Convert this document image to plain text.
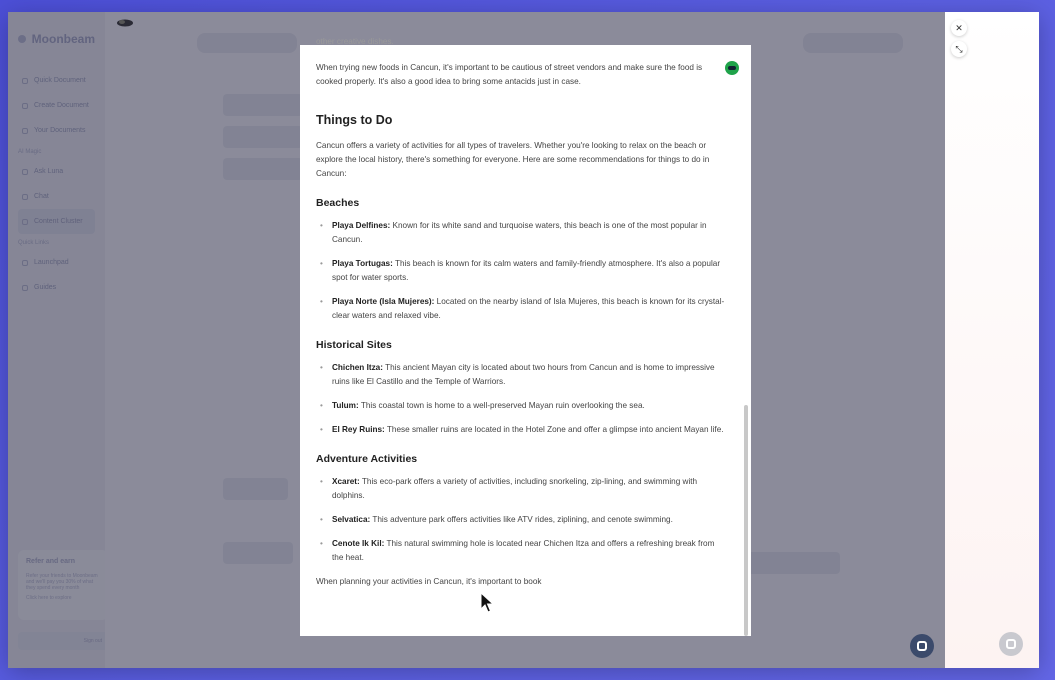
other creative dishes.

When trying new foods in Cancun, it's important to be cautious of street vendors and make sure the food is cooked properly. It's also a good idea to bring some antacids just in case.

Things to Do

Cancun offers a variety of activities for all types of travelers. Whether you're looking to relax on the beach or explore the local history, there's something for everyone. Here are some recommendations for things to do in Cancun:

Beaches
• Playa Delfines: Known for its white sand and turquoise waters, this beach is one of the most popular in Cancun.
• Playa Tortugas: This beach is known for its calm waters and family-friendly atmosphere. It's also a popular spot for water sports.
• Playa Norte (Isla Mujeres): Located on the nearby island of Isla Mujeres, this beach is known for its crystal-clear waters and relaxed vibe.
Historical Sites
• Chichen Itza: This ancient Mayan city is located about two hours from Cancun and is home to impressive ruins like El Castillo and the Temple of Warriors.
• Tulum: This coastal town is home to a well-preserved Mayan ruin overlooking the sea.
• El Rey Ruins: These smaller ruins are located in the Hotel Zone and offer a glimpse into ancient Mayan life.
Adventure Activities
• Xcaret: This eco-park offers a variety of activities, including snorkeling, zip-lining, and swimming with dolphins.
• Selvatica: This adventure park offers activities like ATV rides, ziplining, and cenote swimming.
• Cenote Ik Kil: This natural swimming hole is located near Chichen Itza and offers a refreshing break from the heat.

When planning your activities in Cancun, it's important to book

✕
⤡
